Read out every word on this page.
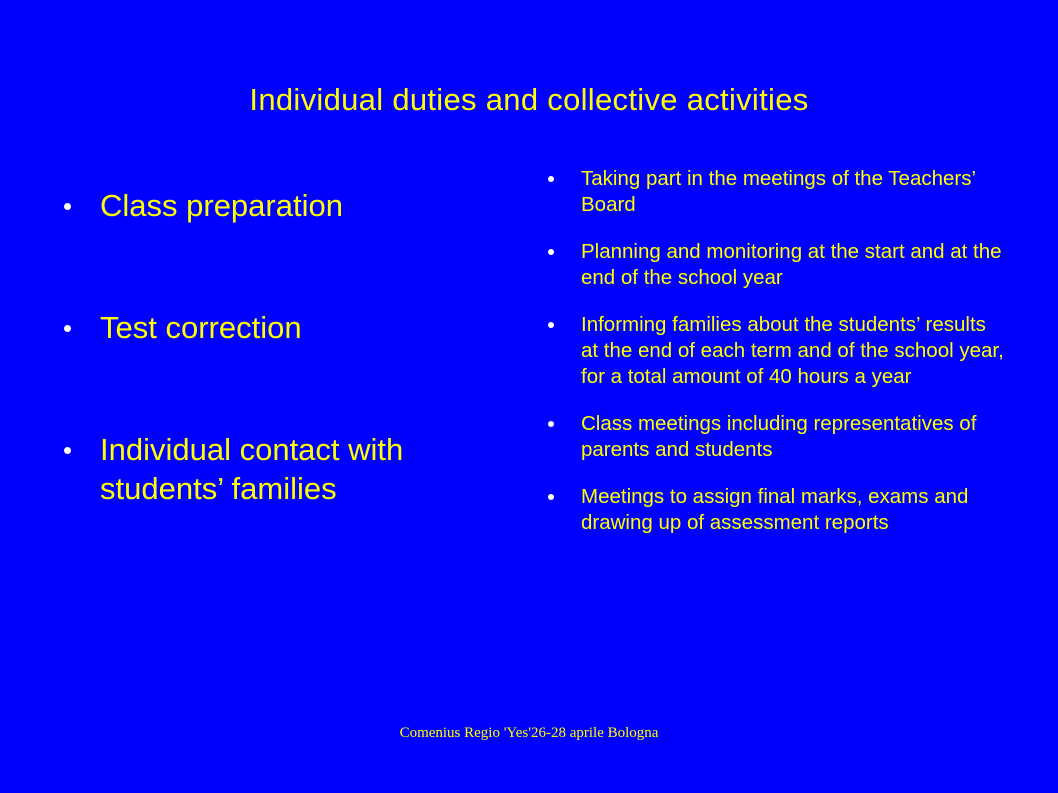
Individual duties and collective activities
Class preparation
Test correction
Individual contact with students’ families
Taking part in the meetings of the Teachers’ Board
Planning and monitoring at the start and at the end of the school year
Informing families about the students’ results at the end of each term and of the school year, for a total amount of 40 hours a year
Class meetings including representatives of parents and students
Meetings to assign final marks, exams and drawing up of assessment reports
Comenius Regio 'Yes'26-28 aprile Bologna
